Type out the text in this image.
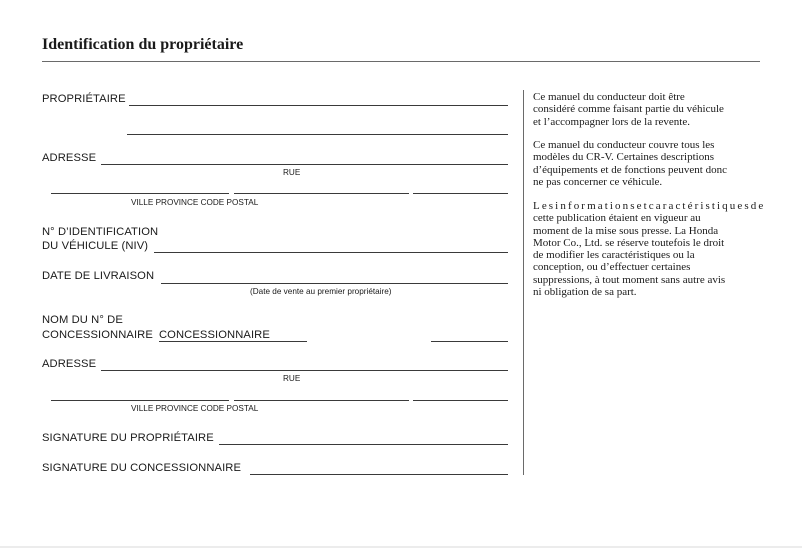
Identification du propriétaire
PROPRIÉTAIRE
ADRESSE
RUE
VILLE PROVINCE CODE POSTAL
N° D’IDENTIFICATION
DU VÉHICULE (NIV)
DATE DE LIVRAISON
(Date de vente au premier propriétaire)
NOM DU N° DE
CONCESSIONNAIRE CONCESSIONNAIRE
ADRESSE
RUE
VILLE PROVINCE CODE POSTAL
SIGNATURE DU PROPRIÉTAIRE
SIGNATURE DU CONCESSIONNAIRE
Ce manuel du conducteur doit être
considéré comme faisant partie du véhicule
et l’accompagner lors de la revente.
Ce manuel du conducteur couvre tous les
modèles du CR-V. Certaines descriptions
d’équipements et de fonctions peuvent donc
ne pas concerner ce véhicule.
Lesinformationsetcaractéristiquesde
cette publication étaient en vigueur au
moment de la mise sous presse. La Honda
Motor Co., Ltd. se réserve toutefois le droit
de modifier les caractéristiques ou la
conception, ou d’effectuer certaines
suppressions, à tout moment sans autre avis
ni obligation de sa part.
